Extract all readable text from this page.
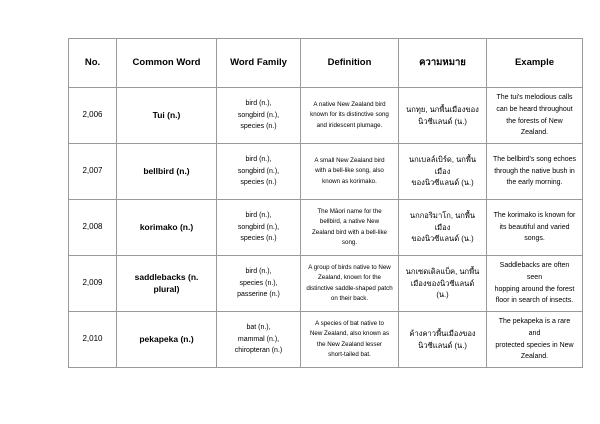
No.	Common Word	Word Family	Definition	ความหมาย	Example
2,006	Tui (n.)	bird (n.),
songbird (n.),
species (n.)	A native New Zealand bird
known for its distinctive song
and iridescent plumage.	นกทุย, นกพื้นเมืองของ
นิวซีแลนด์ (น.)	The tui's melodious calls
can be heard throughout
the forests of New Zealand.

2,007	bellbird (n.)	bird (n.),
songbird (n.),
species (n.)	A small New Zealand bird
with a bell-like song, also
known as korimako.	นกเบลล์เบิร์ด, นกพื้นเมือง
ของนิวซีแลนด์ (น.)	The bellbird's song echoes
through the native bush in
the early morning.

2,008	korimako (n.)	bird (n.),
songbird (n.),
species (n.)	The Māori name for the
bellbird, a native New
Zealand bird with a bell-like
song.	นกกอริมาโก, นกพื้นเมือง
ของนิวซีแลนด์ (น.)	The korimako is known for
its beautiful and varied
songs.

2,009	saddlebacks (n. plural)	bird (n.),
species (n.),
passerine (n.)	A group of birds native to New
Zealand, known for the
distinctive saddle-shaped patch
on their back.	นกเซดเดิลแบ็ค, นกพื้น
เมืองของนิวซีแลนด์ (น.)	Saddlebacks are often seen
hopping around the forest
floor in search of insects.

2,010	pekapeka (n.)	bat (n.),
mammal (n.),
chiropteran (n.)	A species of bat native to
New Zealand, also known as
the New Zealand lesser
short-tailed bat.	ค้างคาวพื้นเมืองของ
นิวซีแลนด์ (น.)	The pekapeka is a rare and
protected species in New
Zealand.
